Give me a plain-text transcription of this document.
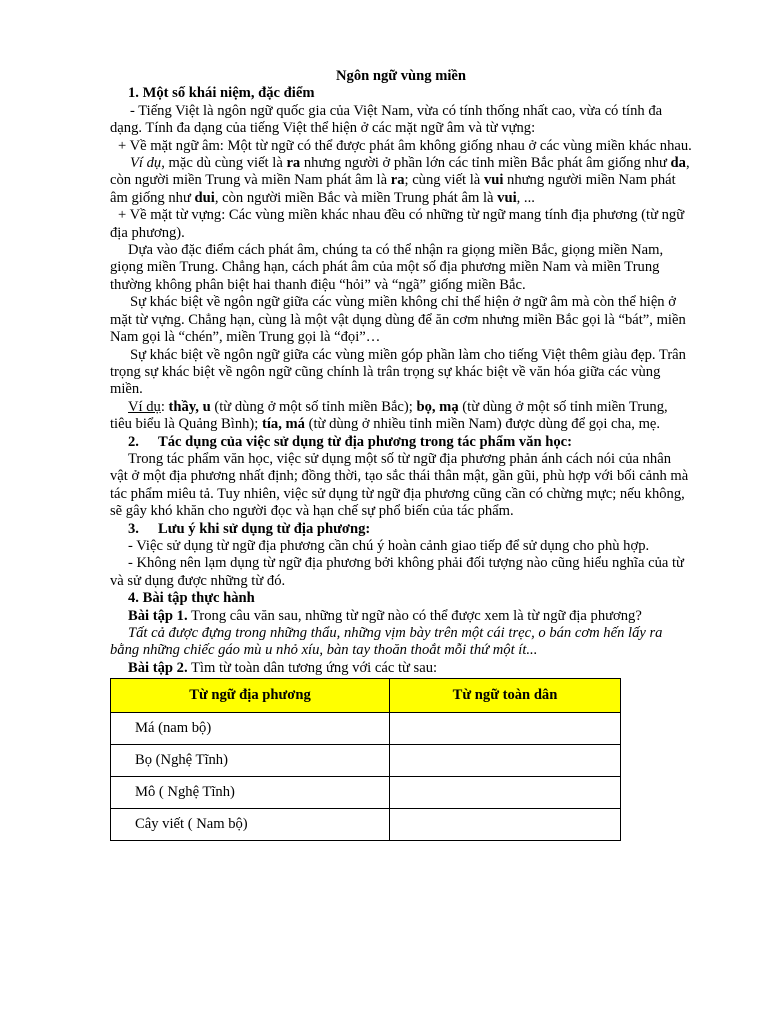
Ngôn ngữ vùng miền

1. Một số khái niệm, đặc điểm

- Tiếng Việt là ngôn ngữ quốc gia của Việt Nam, vừa có tính thống nhất cao, vừa có tính đa dạng. Tính đa dạng của tiếng Việt thể hiện ở các mặt ngữ âm và từ vựng:

+ Về mặt ngữ âm: Một từ ngữ có thể được phát âm không giống nhau ở các vùng miền khác nhau.

Ví dụ, mặc dù cùng viết là ra nhưng người ở phần lớn các tỉnh miền Bắc phát âm giống như da, còn người miền Trung và miền Nam phát âm là ra; cùng viết là vui nhưng người miền Nam phát âm giống như dui, còn người miền Bắc và miền Trung phát âm là vui, ...

+ Về mặt từ vựng: Các vùng miền khác nhau đều có những từ ngữ mang tính địa phương (từ ngữ địa phương).

Dựa vào đặc điểm cách phát âm, chúng ta có thể nhận ra giọng miền Bắc, giọng miền Nam, giọng miền Trung. Chẳng hạn, cách phát âm của một số địa phương miền Nam và miền Trung thường không phân biệt hai thanh điệu “hỏi” và “ngã” giống miền Bắc.

Sự khác biệt về ngôn ngữ giữa các vùng miền không chỉ thể hiện ở ngữ âm mà còn thể hiện ở mặt từ vựng. Chẳng hạn, cùng là một vật dụng dùng để ăn cơm nhưng miền Bắc gọi là “bát”, miền Nam gọi là “chén”, miền Trung gọi là “đọi”…

Sự khác biệt về ngôn ngữ giữa các vùng miền góp phần làm cho tiếng Việt thêm giàu đẹp. Trân trọng sự khác biệt về ngôn ngữ cũng chính là trân trọng sự khác biệt về văn hóa giữa các vùng miền.

Ví dụ: thầy, u (từ dùng ở một số tỉnh miền Bắc); bọ, mạ (từ dùng ở một số tỉnh miền Trung, tiêu biểu là Quảng Bình); tía, má (từ dùng ở nhiều tỉnh miền Nam) được dùng để gọi cha, mẹ.

2. Tác dụng của việc sử dụng từ địa phương trong tác phẩm văn học:

Trong tác phẩm văn học, việc sử dụng một số từ ngữ địa phương phản ánh cách nói của nhân vật ở một địa phương nhất định; đồng thời, tạo sắc thái thân mật, gần gũi, phù hợp với bối cảnh mà tác phẩm miêu tả. Tuy nhiên, việc sử dụng từ ngữ địa phương cũng cần có chừng mực; nếu không, sẽ gây khó khăn cho người đọc và hạn chế sự phổ biến của tác phẩm.

3. Lưu ý khi sử dụng từ địa phương:

- Việc sử dụng từ ngữ địa phương cần chú ý hoàn cảnh giao tiếp để sử dụng cho phù hợp.

- Không nên lạm dụng từ ngữ địa phương bởi không phải đối tượng nào cũng hiểu nghĩa của từ và sử dụng được những từ đó.

4. Bài tập thực hành

Bài tập 1. Trong câu văn sau, những từ ngữ nào có thể được xem là từ ngữ địa phương?

Tất cả được đựng trong những thẩu, những vịm bày trên một cái trẹc, o bán cơm hến lấy ra bằng những chiếc gáo mù u nhỏ xíu, bàn tay thoăn thoắt mỗi thứ một ít...

Bài tập 2. Tìm từ toàn dân tương ứng với các từ sau:

Từ ngữ địa phương	Từ ngữ toàn dân
Má (nam bộ)	
Bọ (Nghệ Tĩnh)	
Mô ( Nghệ Tĩnh)	
Cây viết ( Nam bộ)	
